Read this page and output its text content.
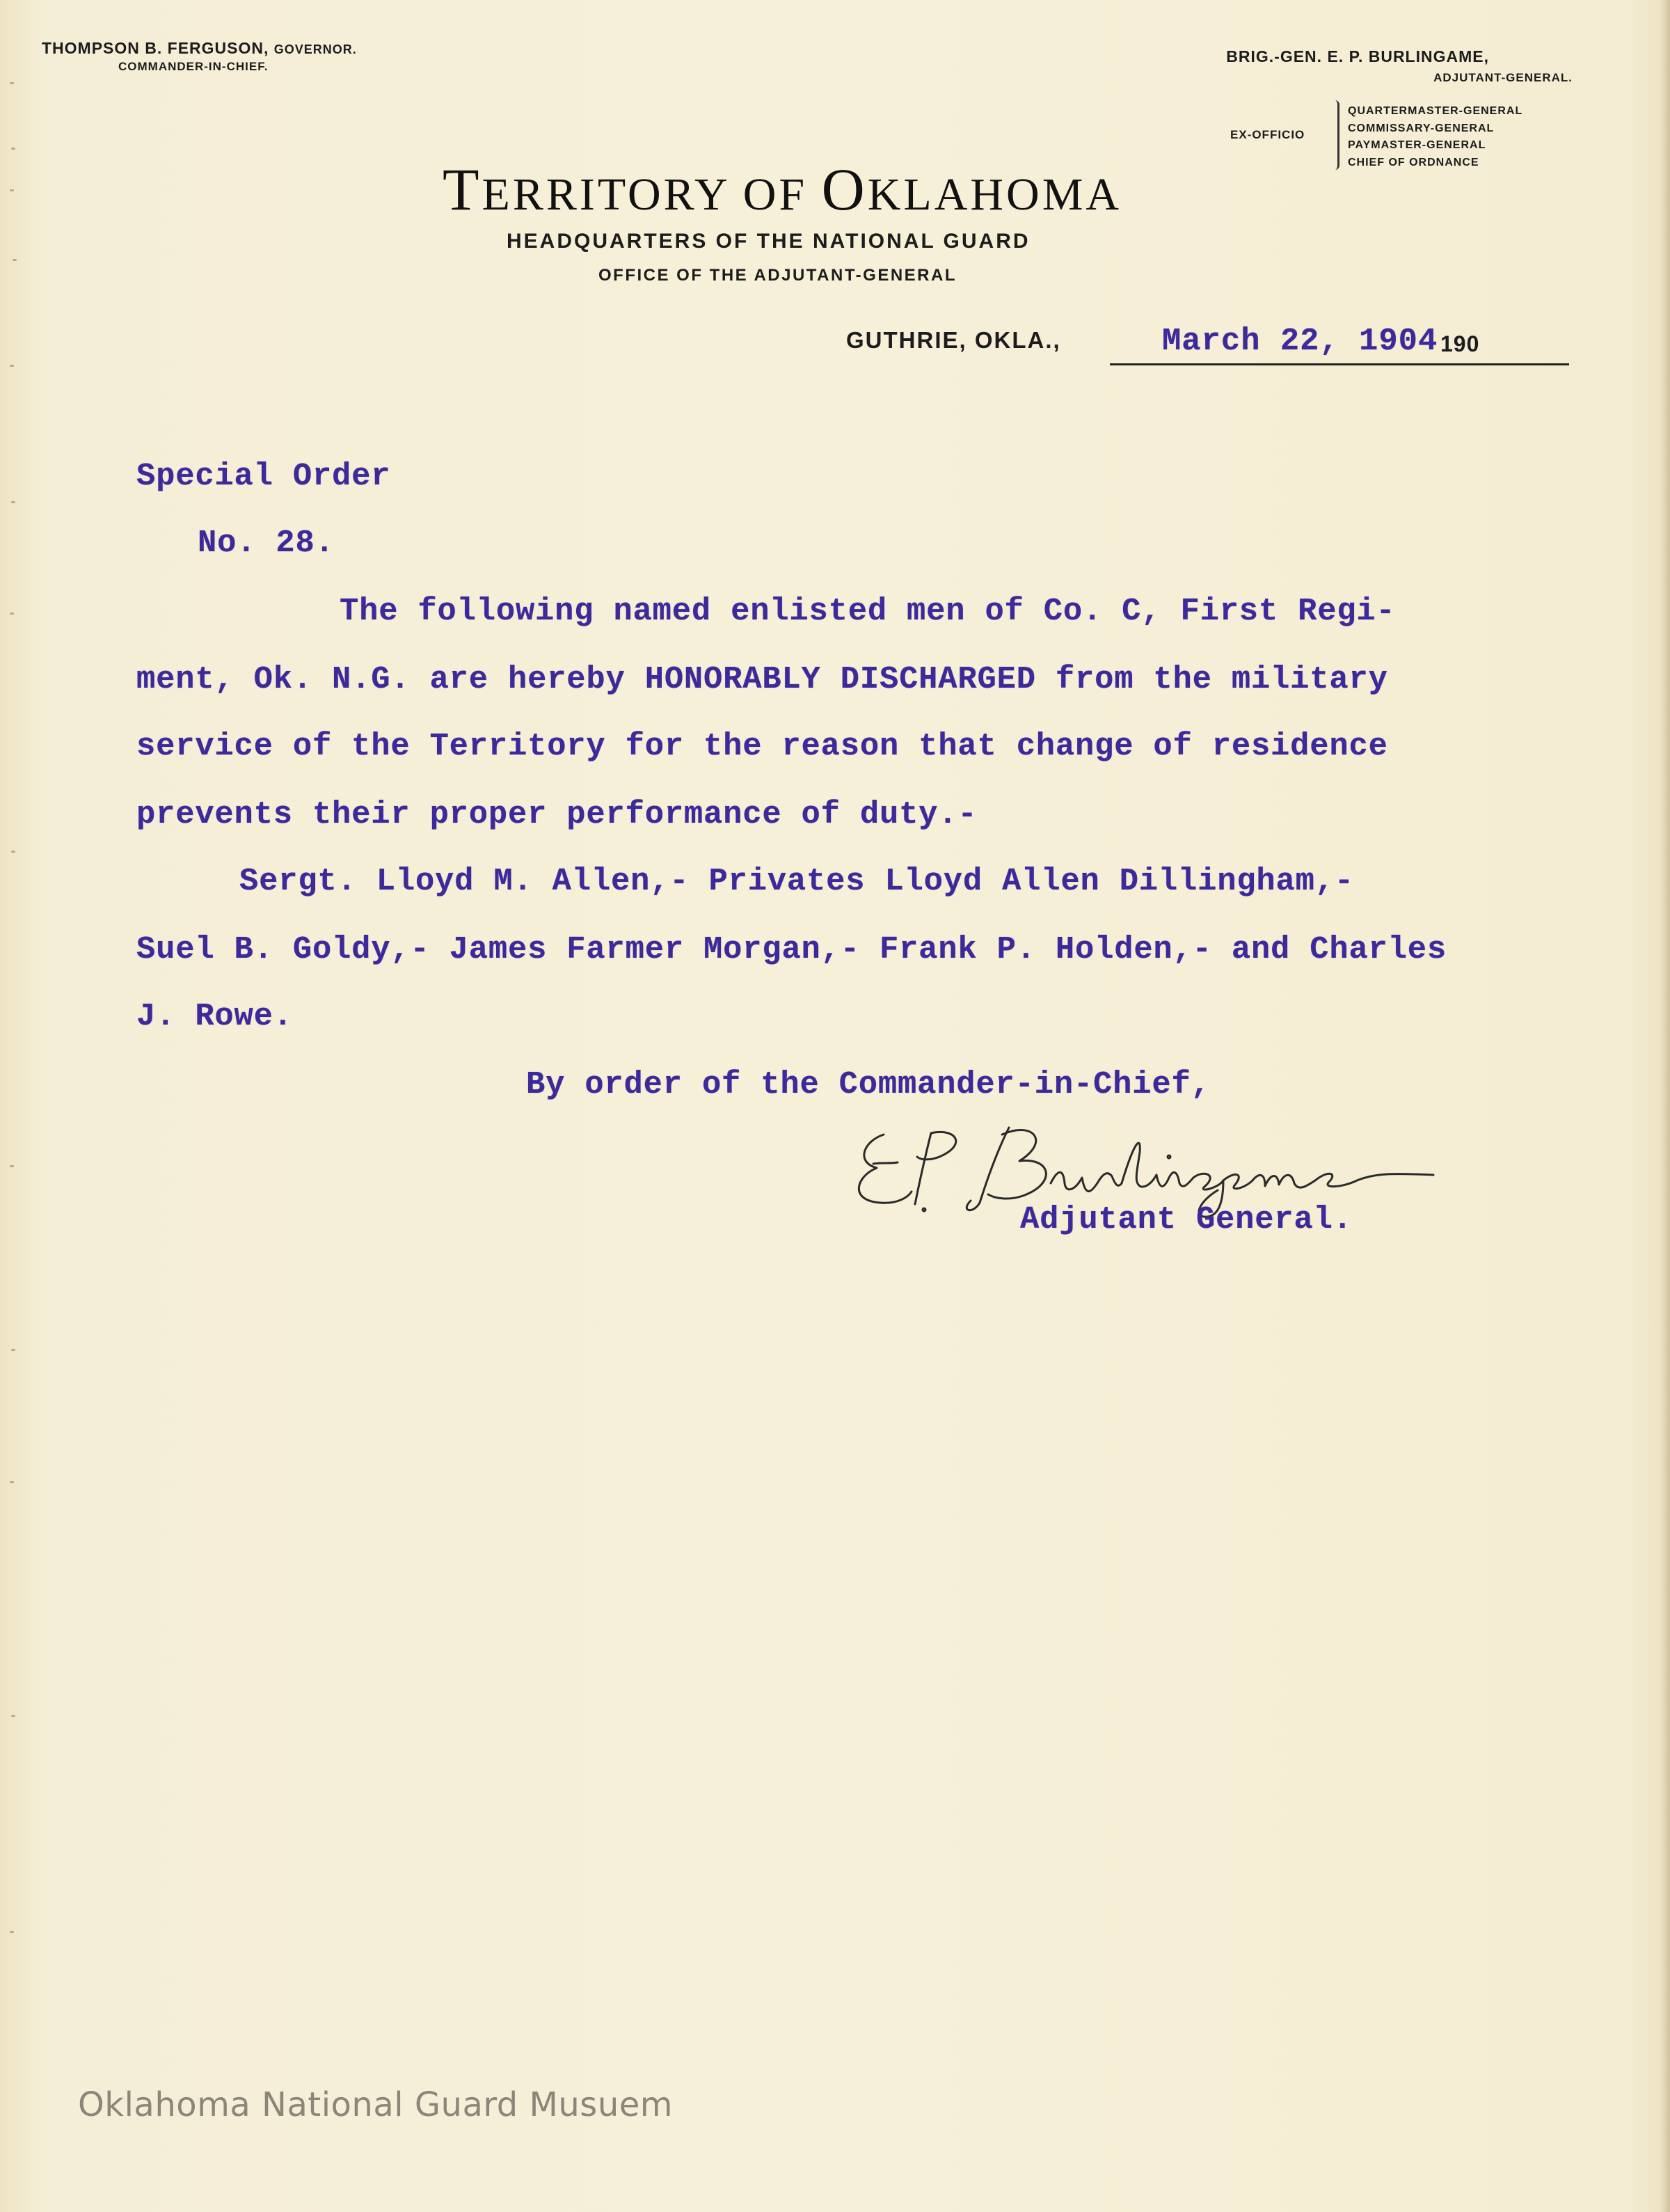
THOMPSON B. FERGUSON, GOVERNOR.
COMMANDER-IN-CHIEF.
BRIG.-GEN. E. P. BURLINGAME,
ADJUTANT-GENERAL.
EX-OFFICIO
QUARTERMASTER-GENERAL
COMMISSARY-GENERAL
PAYMASTER-GENERAL
CHIEF OF ORDNANCE
TERRITORY OF OKLAHOMA
HEADQUARTERS OF THE NATIONAL GUARD
OFFICE OF THE ADJUTANT-GENERAL
GUTHRIE, OKLA.,	190
March 22, 1904
Special Order
No. 28.
The following named enlisted men of Co. C, First Regi-
ment, Ok. N.G. are hereby HONORABLY DISCHARGED from the military
service of the Territory for the reason that change of residence
prevents their proper performance of duty.-
Sergt. Lloyd M. Allen,- Privates Lloyd Allen Dillingham,-
Suel B. Goldy,- James Farmer Morgan,- Frank P. Holden,- and Charles
J. Rowe.
By order of the Commander-in-Chief,
Adjutant General.
Oklahoma National Guard Musuem
